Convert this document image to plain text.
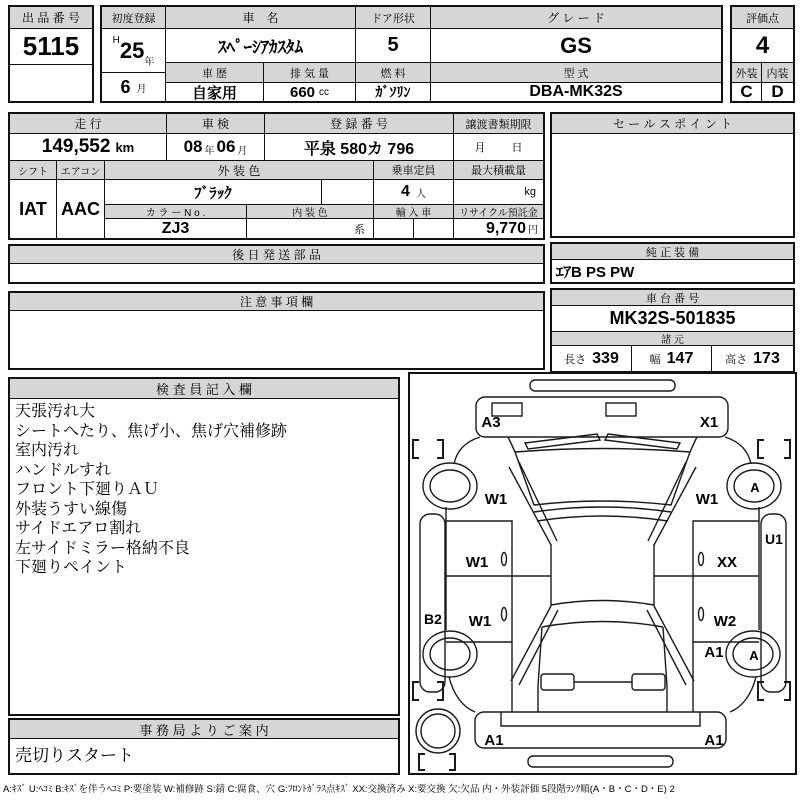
出 品 番 号
5115
初度登録	車　名	ドア形状	グ レ ー ド
H 25 年
ｽﾍﾟｰｼｱｶｽﾀﾑ	5	GS
6 月
車 歴	排 気 量	燃 料	型 式
自家用	660 cc	ｶﾞｿﾘﾝ	DBA-MK32S
評価点
4
外装 内装
C	D
走 行	車 検	登 録 番 号	譲渡書類期限
149,552 km	08 年 06 月	平泉 580カ 796	月 日
シフト	エアコン	外 装 色	乗車定員	最大積載量
IAT AAC
ﾌﾞﾗｯｸ	4 人	kg
カ ラ ー N o .	内 装 色	輸 入 車	リサイクル預託金
ZJ3	系	9,770 円
セ ー ル ス ポ イ ン ト
後 日 発 送 部 品	純 正 装 備
ｴｱB PS PW
注 意 事 項 欄	車 台 番 号
MK32S-501835
諸 元
長さ 339	幅 147	高さ 173
検 査 員 記 入 欄
天張汚れ大
シートへたり、焦げ小、焦げ穴補修跡
室内汚れ
ハンドルすれ
フロント下廻りＡＵ
外装うすい線傷
サイドエアロ割れ
左サイドミラー格納不良
下廻りペイント
事 務 局 よ り ご 案 内
売切りスタート
A3	X1
W1	W1
A
U1
W1	XX
B2 W1	W2
A1 A
A1	A1
A:ｷｽﾞ U:ﾍｺﾐ B:ｷｽﾞを伴うﾍｺﾐ P:要塗装 W:補修跡 S:錆 C:腐食、穴 G:ﾌﾛﾝﾄｶﾞﾗｽ点ｷｽﾞ XX:交換済み X:要交換 欠:欠品 内・外装評価 5段階ﾗﾝｸ順(A・B・C・D・E) 2
